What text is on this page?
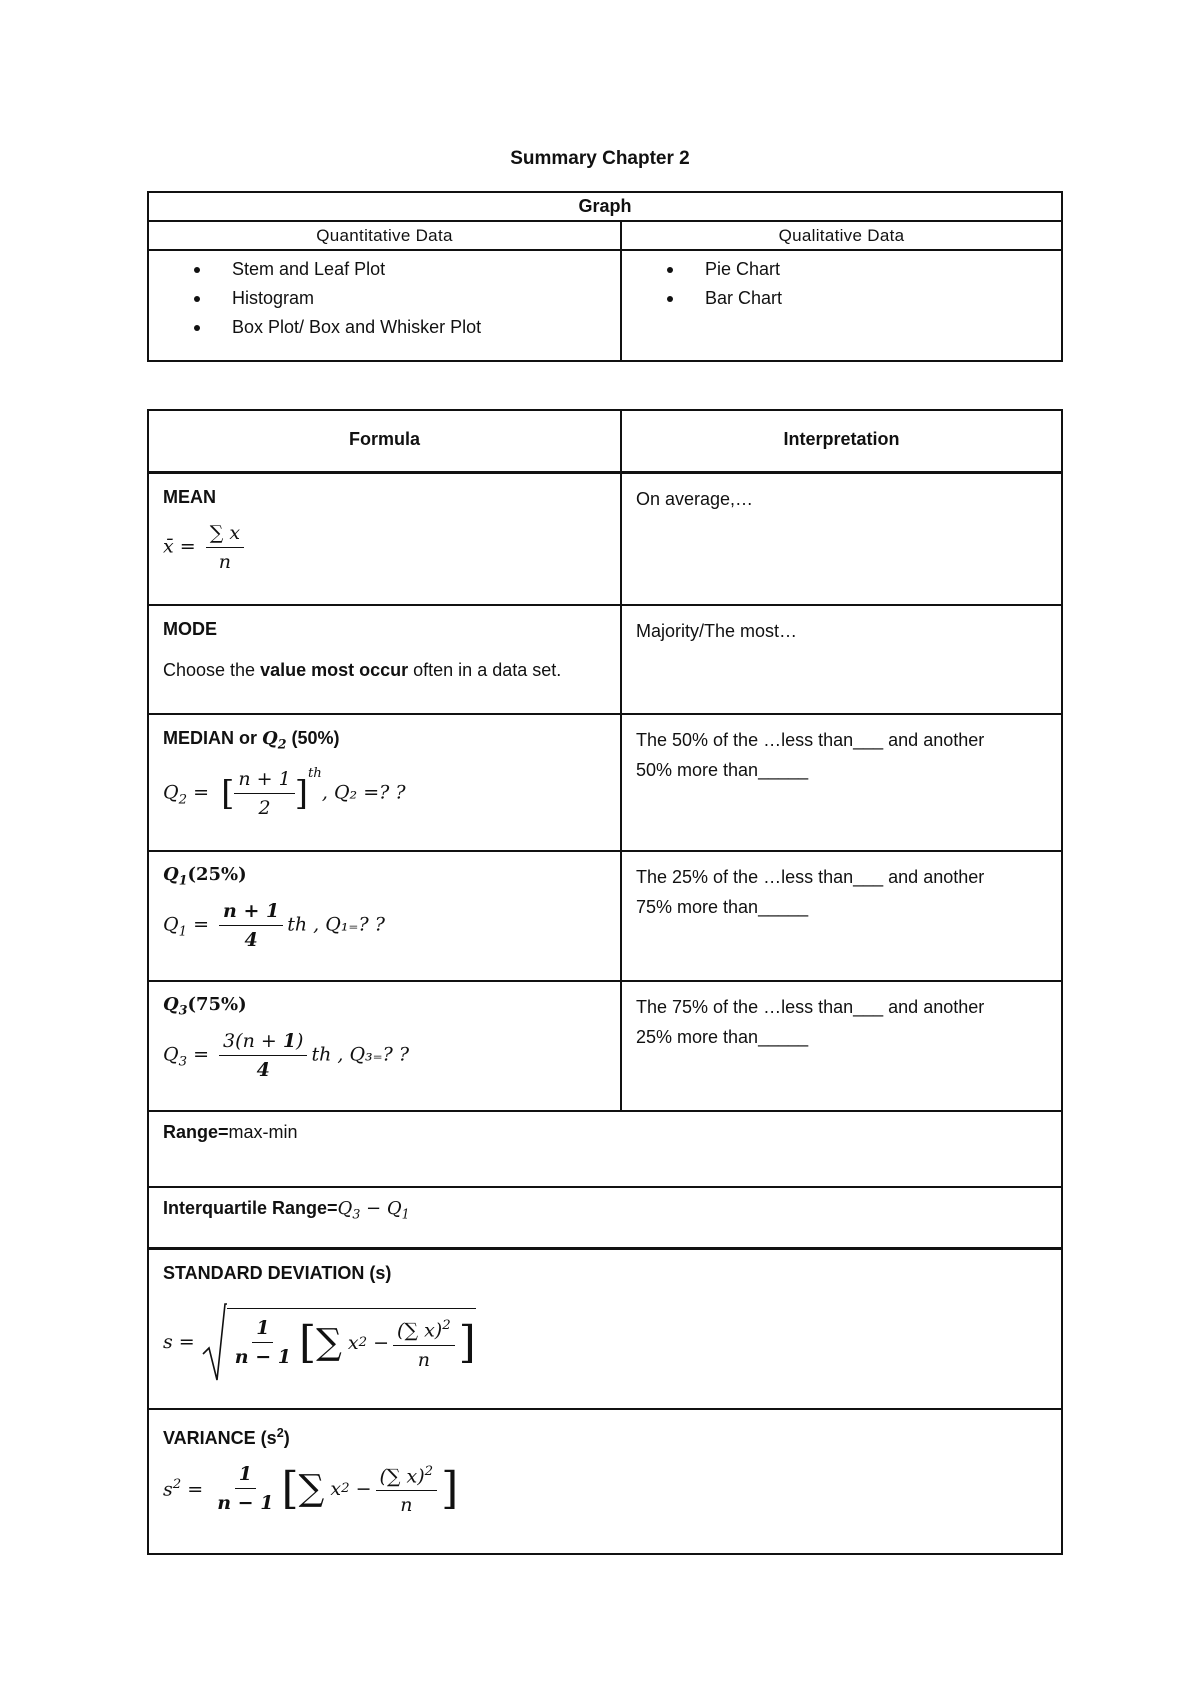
Summary Chapter 2
Graph
Quantitative Data	Qualitative Data
Stem and Leaf Plot
Histogram
Box Plot/ Box and Whisker Plot
Pie Chart
Bar Chart
Formula	Interpretation
MEAN
x̄ = $\frac{\sum x}{n}$
On average,…
MODE
Choose the value most occur often in a data set.
Majority/The most…
MEDIAN or $Q_2$ (50%)
$Q_2$ =  [ $\frac{n + 1}{2} ]^{th}$, Q₂ =? ?
The 50% of the …less than___ and another
50% more than_____
$Q_1(25\%)$
$Q_1 = \frac{n + 1}{4}$ th , Q₁₌? ?
The 25% of the …less than___ and another
75% more than_____
$Q_3(75\%)$
$Q_3 = \frac{3(n + 1)}{4}$ th , Q₃₌? ?
The 75% of the …less than___ and another
25% more than_____
Range=max-min
Interquartile $Range=Q_3 - Q_1$
STANDARD DEVIATION (s)
$s = \frac{1}{n - 1}$ [ ∑
x $2 - \frac{(\sum x)^2}{n}$ ]
VARIANCE $(s^2)$
$s^2 = \frac{1}{n - 1}$ [ ∑
x $2 - \frac{(\sum x)^2}{n}$ ]
